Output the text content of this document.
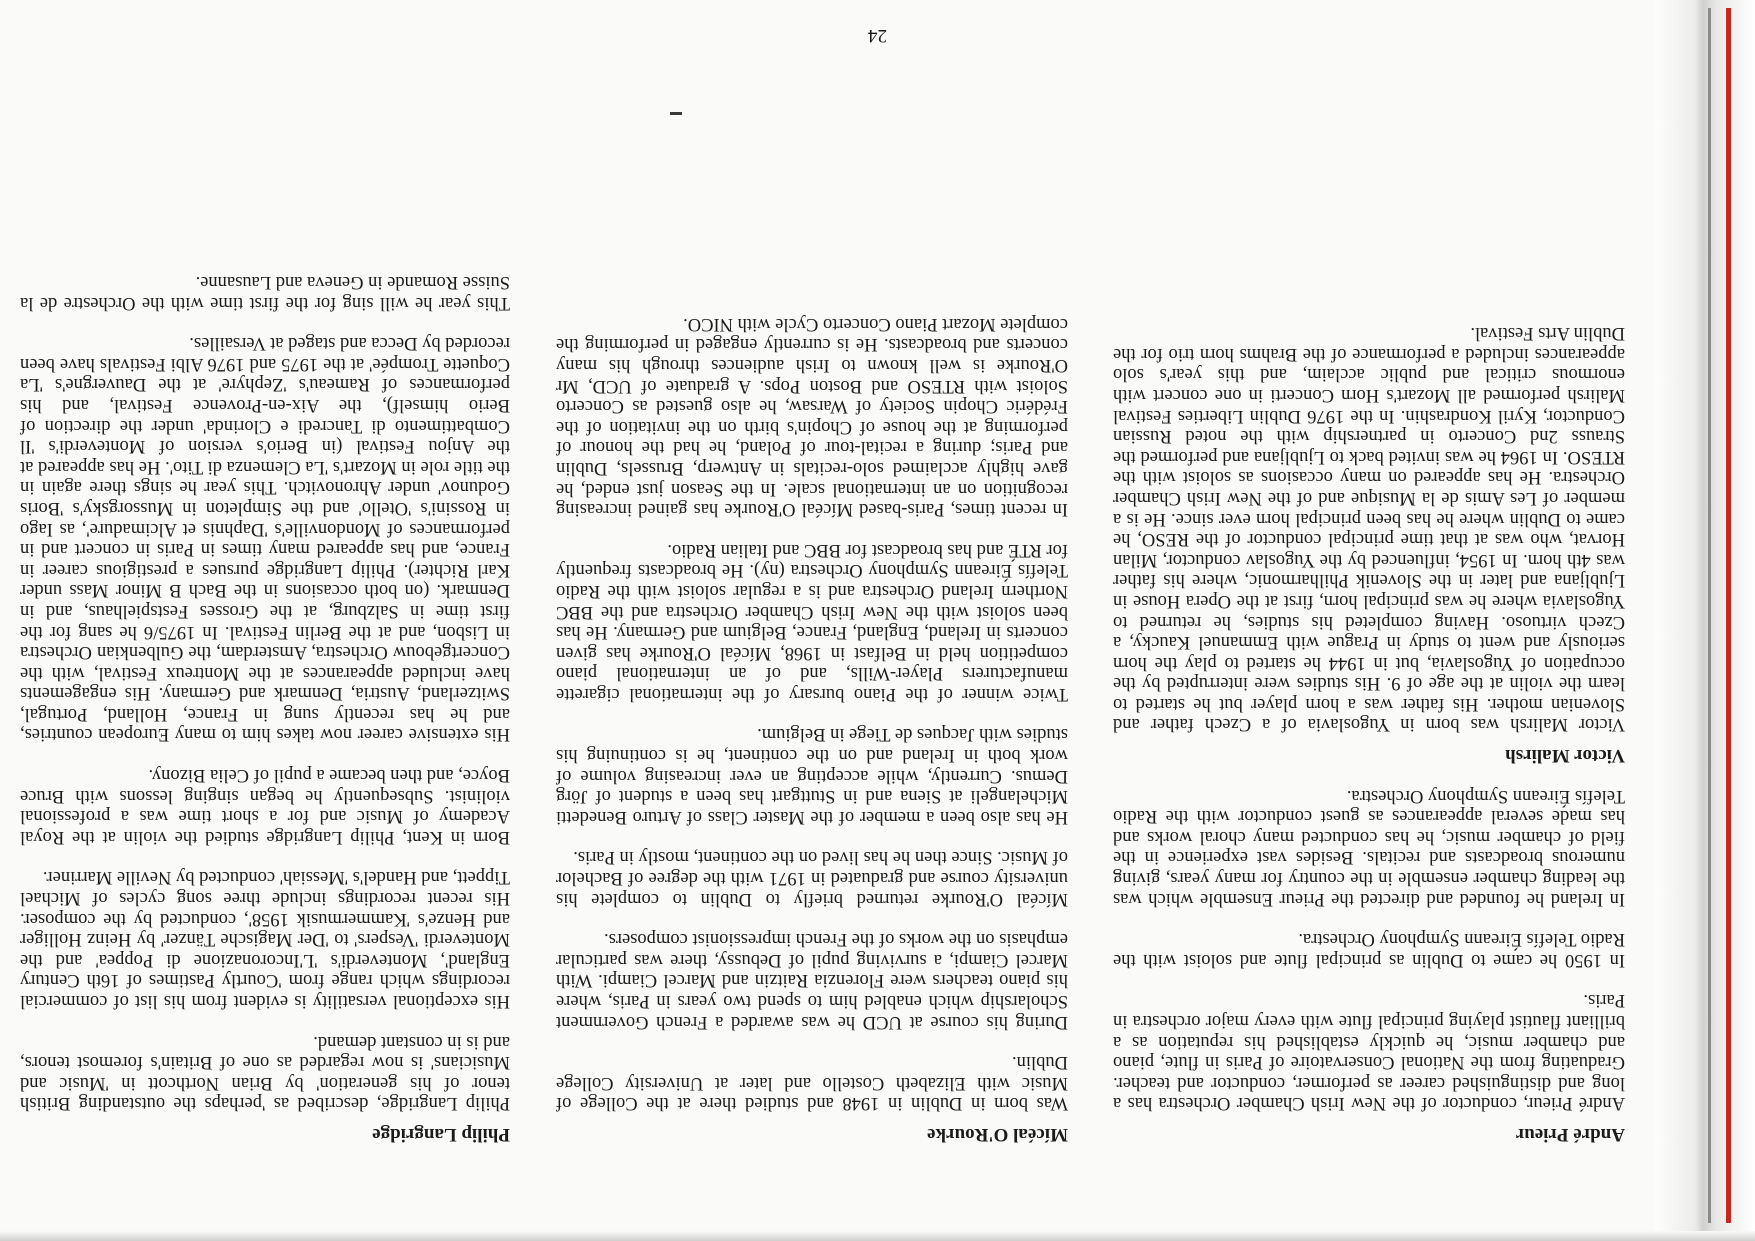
André Prieur

André Prieur, conductor of the New Irish Chamber Orchestra has a long and distinguished career as performer, conductor and teacher. Graduating from the National Conservatoire of Paris in flute, piano and chamber music, he quickly established his reputation as a brilliant flautist playing principal flute with every major orchestra in Paris.

In 1950 he came to Dublin as principal flute and soloist with the Radio Telefís Éireann Symphony Orchestra.

In Ireland he founded and directed the Prieur Ensemble which was the leading chamber ensemble in the country for many years, giving numerous broadcasts and recitals. Besides vast experience in the field of chamber music, he has conducted many choral works and has made several appearances as guest conductor with the Radio Telefís Éireann Symphony Orchestra.

Victor Malirsh

Victor Malirsh was born in Yugoslavia of a Czech father and Slovenian mother. His father was a horn player but he started to learn the violin at the age of 9. His studies were interrupted by the occupation of Yugoslavia, but in 1944 he started to play the horn seriously and went to study in Prague with Emmanuel Kaucky, a Czech virtuoso. Having completed his studies, he returned to Yugoslavia where he was principal horn, first at the Opera House in Ljubljana and later in the Slovenik Philharmonic, where his father was 4th horn. In 1954, influenced by the Yugoslav conductor, Milan Horvat, who was at that time principal conductor of the RESO, he came to Dublin where he has been principal horn ever since. He is a member of Les Amis de la Musique and of the New Irish Chamber Orchestra. He has appeared on many occasions as soloist with the RTESO. In 1964 he was invited back to Ljubljana and performed the Strauss 2nd Concerto in partnership with the noted Russian Conductor, Kyril Kondrashin. In the 1976 Dublin Liberties Festival Malirsh performed all Mozart's Horn Concerti in one concert with enormous critical and public acclaim, and this year's solo appearances included a performance of the Brahms horn trio for the Dublin Arts Festival.

Mícéal O'Rourke

Was born in Dublin in 1948 and studied there at the College of Music with Elizabeth Costello and later at University College Dublin.

During his course at UCD he was awarded a French Government Scholarship which enabled him to spend two years in Paris, where his piano teachers were Florenzia Raitzin and Marcel Ciampi. With Marcel Ciampi, a surviving pupil of Debussy, there was particular emphasis on the works of the French impressionist composers.

Mícéal O'Rourke returned briefly to Dublin to complete his university course and graduated in 1971 with the degree of Bachelor of Music. Since then he has lived on the continent, mostly in Paris.

He has also been a member of the Master Class of Arturo Benedetti Michelangeli at Siena and in Stuttgart has been a student of Jörg Demus. Currently, while accepting an ever increasing volume of work both in Ireland and on the continent, he is continuing his studies with Jacques de Tiege in Belgium.

Twice winner of the Piano bursary of the international cigarette manufacturers Player-Wills, and of an international piano competition held in Belfast in 1968, Mícéal O'Rourke has given concerts in Ireland, England, France, Belgium and Germany. He has been soloist with the New Irish Chamber Orchestra and the BBC Northern Ireland Orchestra and is a regular soloist with the Radio Telefís Éireann Symphony Orchestra (ny). He broadcasts frequently for RTÉ and has broadcast for BBC and Italian Radio.

In recent times, Paris-based Mícéal O'Rourke has gained increasing recognition on an international scale. In the Season just ended, he gave highly acclaimed solo-recitals in Antwerp, Brussels, Dublin and Paris; during a recital-tour of Poland, he had the honour of performing at the house of Chopin's birth on the invitation of the Frédéric Chopin Society of Warsaw, he also guested as Concerto Soloist with RTESO and Boston Pops. A graduate of UCD, Mr O'Rourke is well known to Irish audiences through his many concerts and broadcasts. He is currently engaged in performing the complete Mozart Piano Concerto Cycle with NICO.

Philip Langridge

Philip Langridge, described as 'perhaps the outstanding British tenor of his generation' by Brian Northcott in 'Music and Musicians' is now regarded as one of Britain's foremost tenors, and is in constant demand.

His exceptional versatility is evident from his list of commercial recordings which range from 'Courtly Pastimes of 16th Century England', Monteverdi's 'L'Incoronazione di Poppea' and the Monteverdi 'Vespers' to 'Der Magische Tänzer' by Heinz Holliger and Henze's 'Kammermusik 1958', conducted by the composer. His recent recordings include three song cycles of Michael Tippett, and Handel's 'Messiah' conducted by Neville Marriner.

Born in Kent, Philip Langridge studied the violin at the Royal Academy of Music and for a short time was a professional violinist. Subsequently he began singing lessons with Bruce Boyce, and then became a pupil of Celia Bizony.

His extensive career now takes him to many European countries, and he has recently sung in France, Holland, Portugal, Switzerland, Austria, Denmark and Germany. His engagements have included appearances at the Montreux Festival, with the Concertgebouw Orchestra, Amsterdam, the Gulbenkian Orchestra in Lisbon, and at the Berlin Festival. In 1975/6 he sang for the first time in Salzburg, at the Grosses Festspielhaus, and in Denmark. (on both occasions in the Bach B Minor Mass under Karl Richter). Philip Langridge pursues a prestigious career in France, and has appeared many times in Paris in concert and in performances of Mondonville's 'Daphnis et Alcimadure', as Iago in Rossini's 'Otello' and the Simpleton in Mussorgsky's 'Boris Godunov' under Ahronovitch. This year he sings there again in the title role in Mozart's 'La Clemenza di Tito'. He has appeared at the Anjou Festival (in Berio's version of Monteverdi's 'Il Combattimento di Tancredi e Clorinda' under the direction of Berio himself), the Aix-en-Provence Festival, and his performances of Rameau's 'Zephyre' at the Dauvergne's 'La Coquette Trompée' at the 1975 and 1976 Albi Festivals have been recorded by Decca and staged at Versailles.

This year he will sing for the first time with the Orchestre de la Suisse Romande in Geneva and Lausanne.

24
